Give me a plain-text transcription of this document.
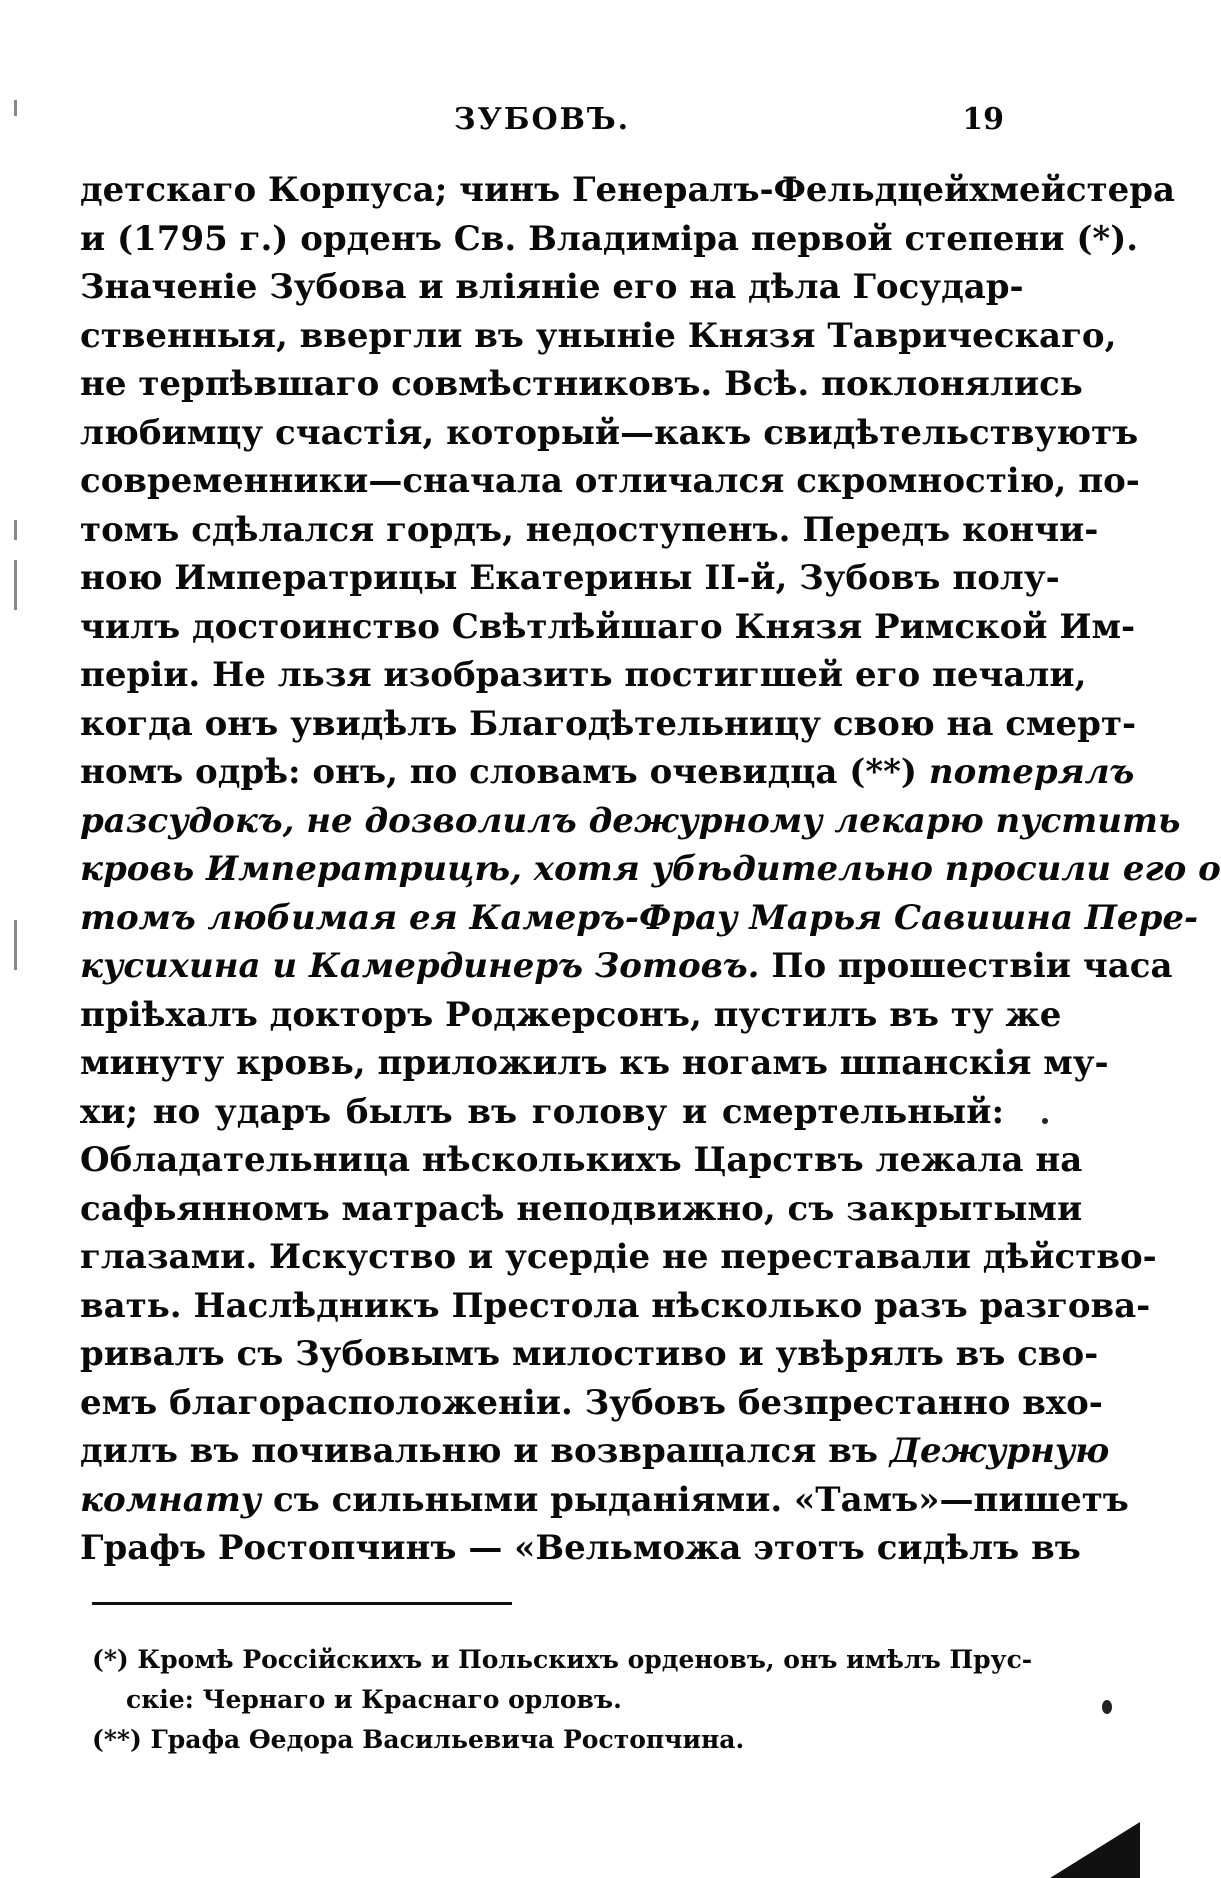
ЗУБОВЪ.	19
детскаго Корпуса; чинъ Генералъ-Фельдцейхмейстера
и (1795 г.) орденъ Св. Владиміра первой степени (*).
Значеніе Зубова и вліяніе его на дѣла Государ-
ственныя, ввергли въ уныніе Князя Таврическаго,
не терпѣвшаго совмѣстниковъ. Всѣ. поклонялись
любимцу счастія, который—какъ свидѣтельствуютъ
современники—сначала отличался скромностію, по-
томъ сдѣлался гордъ, недоступенъ. Передъ кончи-
ною Императрицы Екатерины II-й, Зубовъ полу-
чилъ достоинство Свѣтлѣйшаго Князя Римской Им-
періи. Не льзя изобразить постигшей его печали,
когда онъ увидѣлъ Благодѣтельницу свою на смерт-
номъ одрѣ: онъ, по словамъ очевидца (**) потерялъ
разсудокъ, не дозволилъ дежурному лекарю пустить
кровь Императрицѣ, хотя убѣдительно просили его о
томъ любимая ея Камеръ-Фрау Марья Савишна Пере-
кусихина и Камердинеръ Зотовъ. По прошествіи часа
пріѣхалъ докторъ Роджерсонъ, пустилъ въ ту же
минуту кровь, приложилъ къ ногамъ шпанскія му-
хи; но ударъ былъ въ голову и смертельный:
Обладательница нѣсколькихъ Царствъ лежала на
сафьянномъ матрасѣ неподвижно, съ закрытыми
глазами. Искуство и усердіе не переставали дѣйство-
вать. Наслѣдникъ Престола нѣсколько разъ разгова-
ривалъ съ Зубовымъ милостиво и увѣрялъ въ сво-
емъ благорасположеніи. Зубовъ безпрестанно вхо-
дилъ въ почивальню и возвращался въ Дежурную
комнату съ сильными рыданіями. «Тамъ»—пишетъ
Графъ Ростопчинъ — «Вельможа этотъ сидѣлъ въ
(*) Кромѣ Россійскихъ и Польскихъ орденовъ, онъ имѣлъ Прус-
скіе: Чернаго и Краснаго орловъ.
(**) Графа Ѳедора Васильевича Ростопчина.
